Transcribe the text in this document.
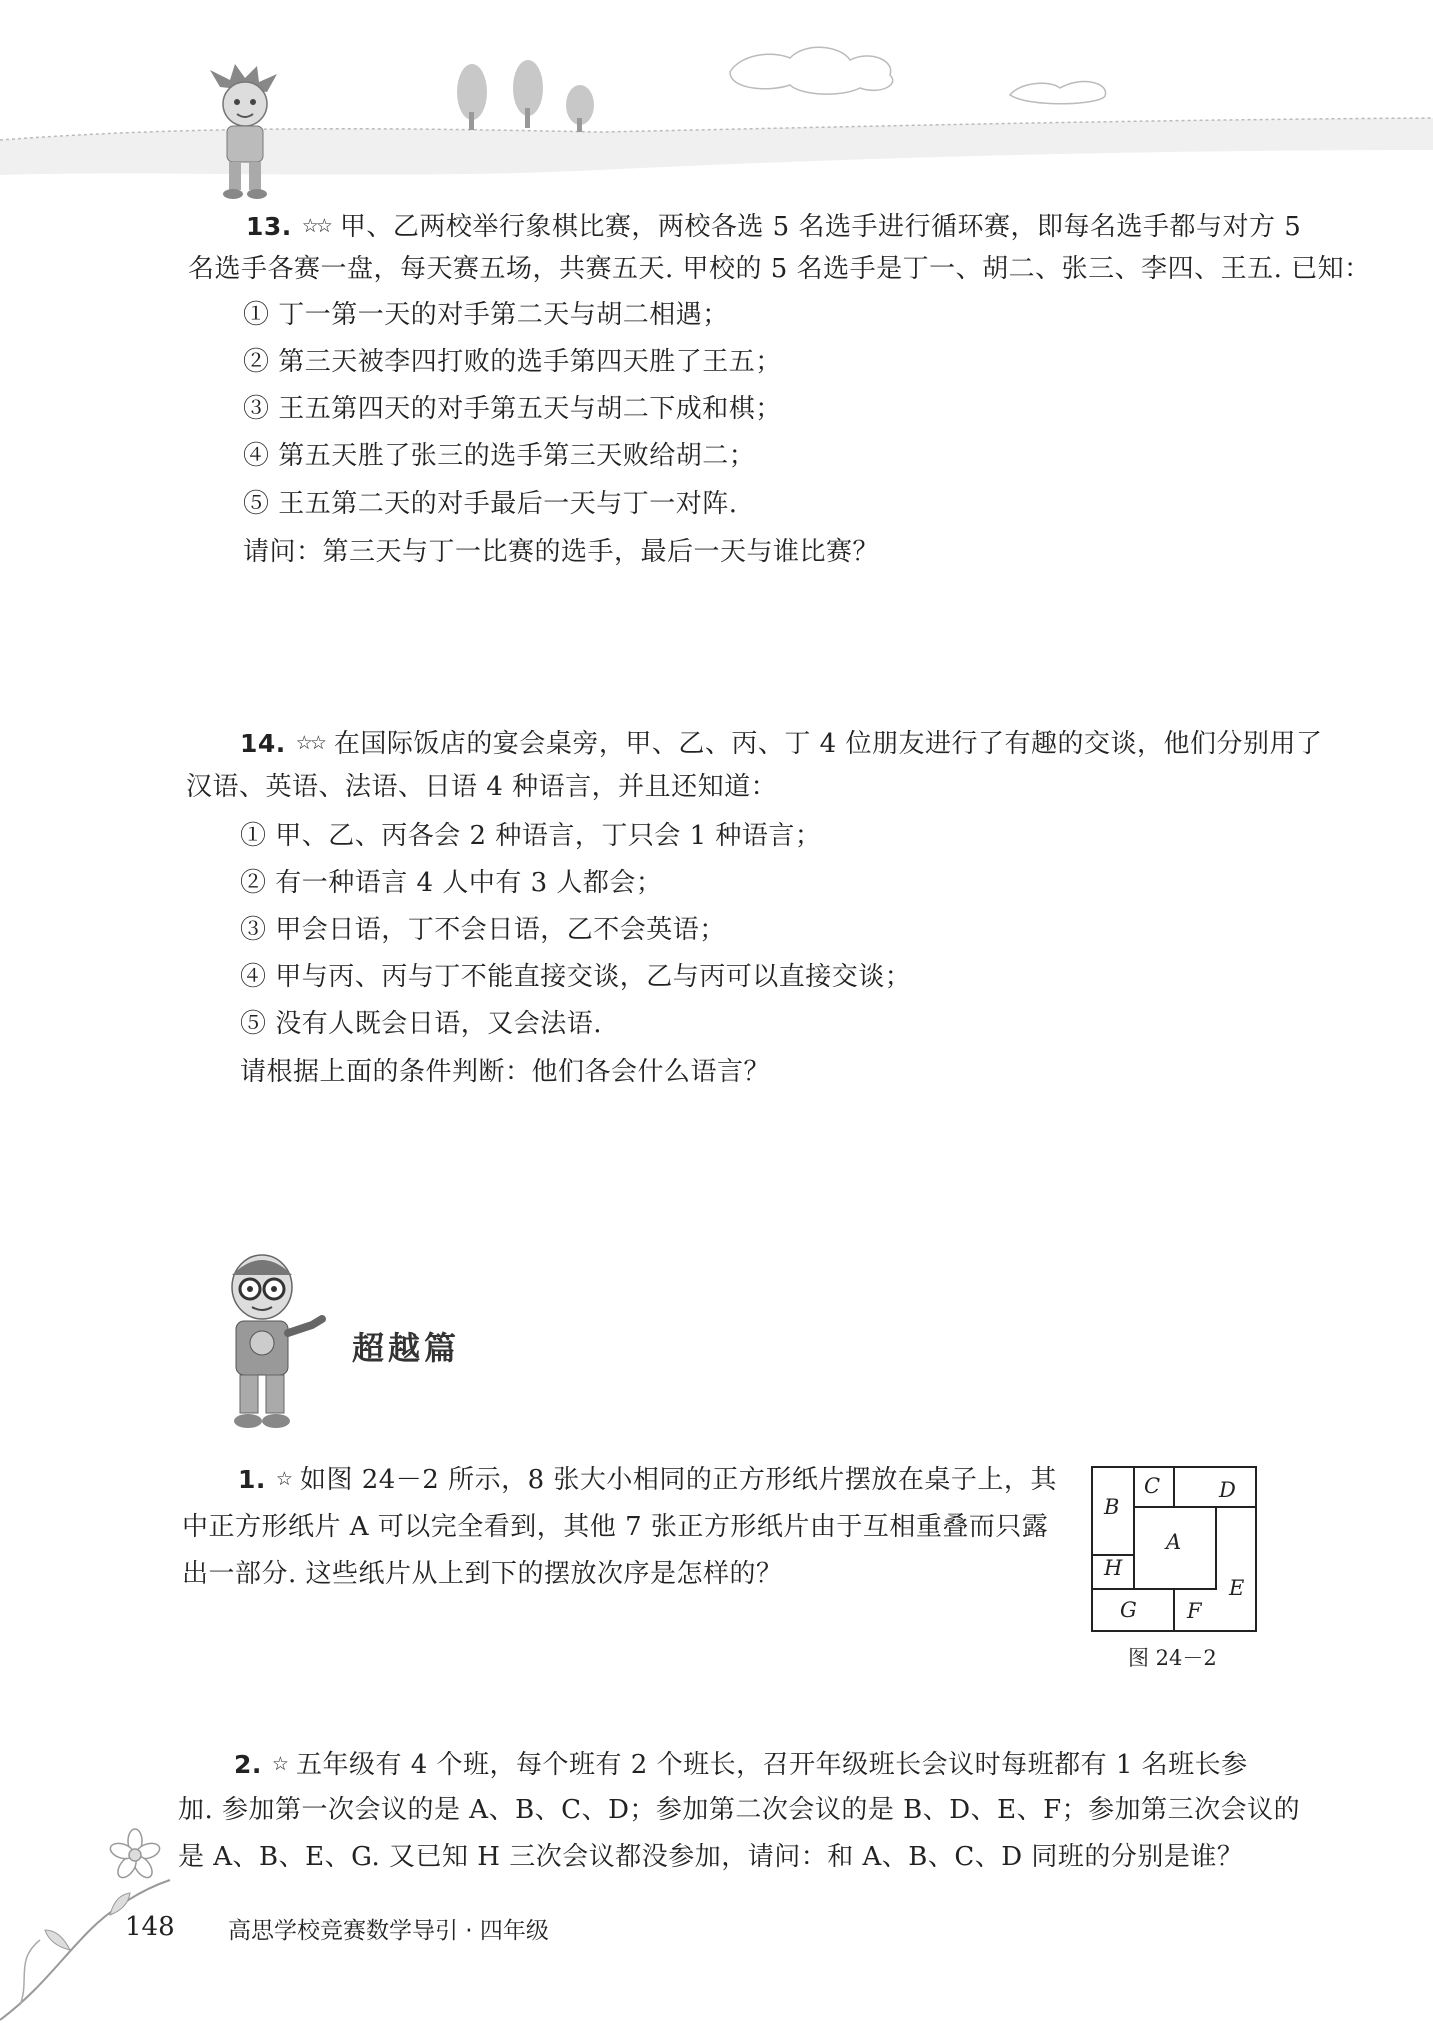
13. ☆☆ 甲、乙两校举行象棋比赛，两校各选 5 名选手进行循环赛，即每名选手都与对方 5
名选手各赛一盘，每天赛五场，共赛五天. 甲校的 5 名选手是丁一、胡二、张三、李四、王五. 已知：
① 丁一第一天的对手第二天与胡二相遇；
② 第三天被李四打败的选手第四天胜了王五；
③ 王五第四天的对手第五天与胡二下成和棋；
④ 第五天胜了张三的选手第三天败给胡二；
⑤ 王五第二天的对手最后一天与丁一对阵.
请问：第三天与丁一比赛的选手，最后一天与谁比赛？
14. ☆☆ 在国际饭店的宴会桌旁，甲、乙、丙、丁 4 位朋友进行了有趣的交谈，他们分别用了
汉语、英语、法语、日语 4 种语言，并且还知道：
① 甲、乙、丙各会 2 种语言，丁只会 1 种语言；
② 有一种语言 4 人中有 3 人都会；
③ 甲会日语，丁不会日语，乙不会英语；
④ 甲与丙、丙与丁不能直接交谈，乙与丙可以直接交谈；
⑤ 没有人既会日语，又会法语.
请根据上面的条件判断：他们各会什么语言？
超越篇
1. ☆ 如图 24－2 所示，8 张大小相同的正方形纸片摆放在桌子上，其
中正方形纸片 A 可以完全看到，其他 7 张正方形纸片由于互相重叠而只露
出一部分. 这些纸片从上到下的摆放次序是怎样的？
C	D
B
A
H
E
G F
图 24－2
2. ☆ 五年级有 4 个班，每个班有 2 个班长，召开年级班长会议时每班都有 1 名班长参
加. 参加第一次会议的是 A、B、C、D；参加第二次会议的是 B、D、E、F；参加第三次会议的
是 A、B、E、G. 又已知 H 三次会议都没参加，请问：和 A、B、C、D 同班的分别是谁？
148 高思学校竞赛数学导引 · 四年级
